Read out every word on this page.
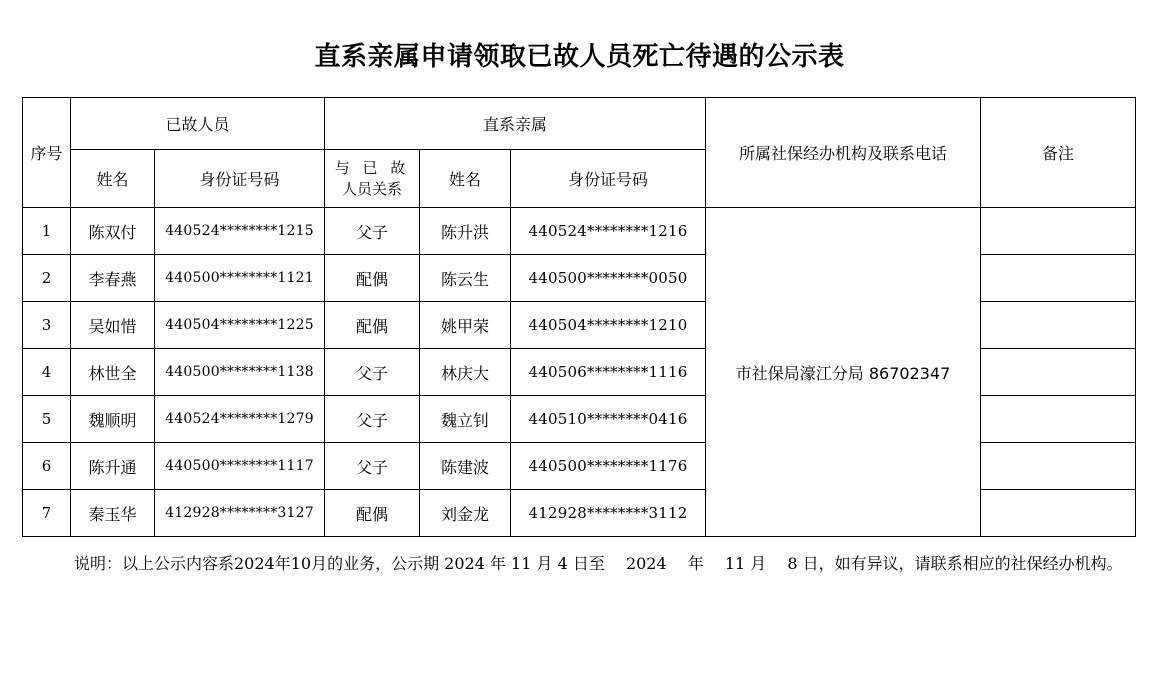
直系亲属申请领取已故人员死亡待遇的公示表
序号	已故人员		直系亲属			所属社保经办机构及联系电话	备注
	姓名	身份证号码	与 已 故
人员关系	姓名	身份证号码		
1	陈双付	440524********1215	父子	陈升洪	440524********1216	市社保局濠江分局 86702347	
2	李春燕	440500********1121	配偶	陈云生	440500********0050		
3	吴如惜	440504********1225	配偶	姚甲荣	440504********1210		
4	林世全	440500********1138	父子	林庆大	440506********1116		
5	魏顺明	440524********1279	父子	魏立钊	440510********0416		
6	陈升通	440500********1117	父子	陈建波	440500********1176		
7	秦玉华	412928********3127	配偶	刘金龙	412928********3112		
说明：以上公示内容系2024年10月的业务，公示期 2024 年 11 月 4 日至　 2024　 年　 11 月　 8 日，如有异议，请联系相应的社保经办机构。
